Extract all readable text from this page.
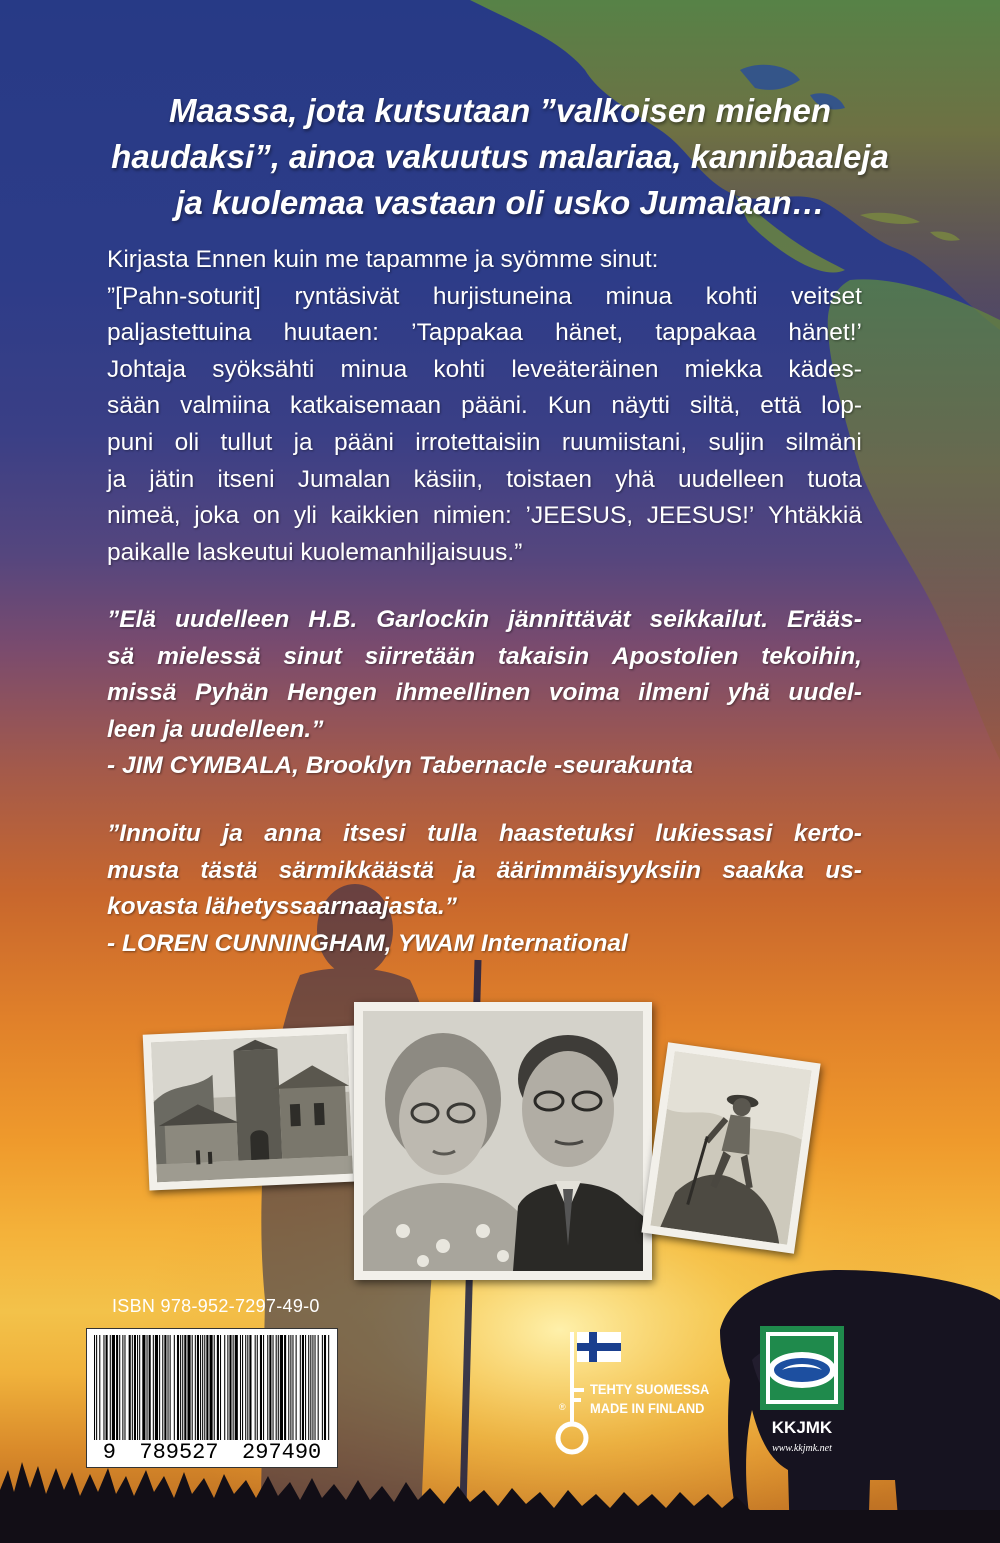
Maassa, jota kutsutaan ”valkoisen miehen
haudaksi”, ainoa vakuutus malariaa, kannibaaleja
ja kuolemaa vastaan oli usko Jumalaan…
Kirjasta Ennen kuin me tapamme ja syömme sinut:
”[Pahn-soturit] ryntäsivät hurjistuneina minua kohti veitset
paljastettuina huutaen: ’Tappakaa hänet, tappakaa hänet!’
Johtaja syöksähti minua kohti leveäteräinen miekka kädes-
sään valmiina katkaisemaan pääni. Kun näytti siltä, että lop-
puni oli tullut ja pääni irrotettaisiin ruumiistani, suljin silmäni
ja jätin itseni Jumalan käsiin, toistaen yhä uudelleen tuota
nimeä, joka on yli kaikkien nimien: ’JEESUS, JEESUS!’ Yhtäkkiä
paikalle laskeutui kuolemanhiljaisuus.”
”Elä uudelleen H.B. Garlockin jännittävät seikkailut. Erääs-
sä mielessä sinut siirretään takaisin Apostolien tekoihin,
missä Pyhän Hengen ihmeellinen voima ilmeni yhä uudel-
leen ja uudelleen.”
- JIM CYMBALA, Brooklyn Tabernacle -seurakunta
”Innoitu ja anna itsesi tulla haastetuksi lukiessasi kerto-
musta tästä särmikkäästä ja äärimmäisyyksiin saakka us-
kovasta lähetyssaarnaajasta.”
- LOREN CUNNINGHAM, YWAM International
ISBN 978-952-7297-49-0
9 789527 297490
®
TEHTY SUOMESSA
MADE IN FINLAND
KKJMK
www.kkjmk.net
